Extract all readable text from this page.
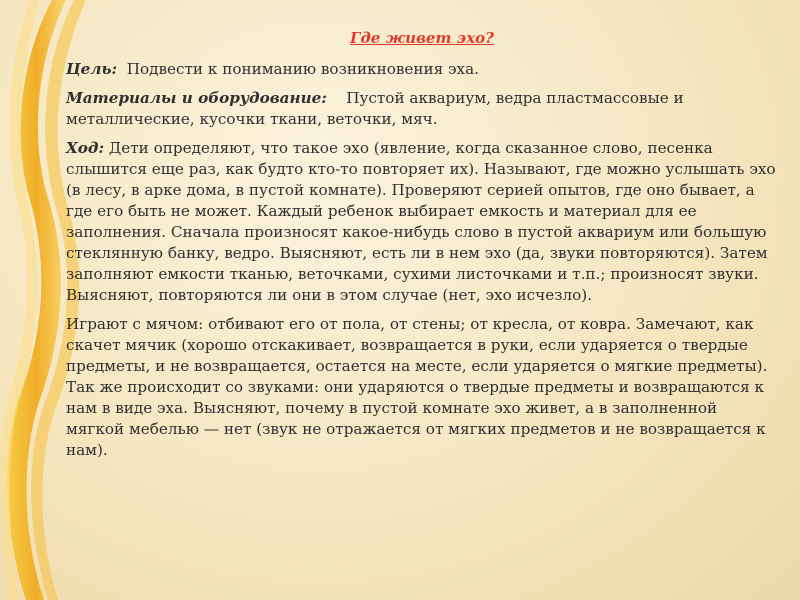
Где живет эхо?

Цель: Подвести к пониманию возникновения эха.

Материалы и оборудование: Пустой аквариум, ведра пластмассовые и металлические, кусочки ткани, веточки, мяч.

Ход: Дети определяют, что такое эхо (явление, когда сказанное слово, песенка слышится еще раз, как будто кто-то повторяет их). Называют, где можно услышать эхо (в лесу, в арке дома, в пустой комнате). Проверяют серией опытов, где оно бывает, а где его быть не может. Каждый ребенок выбирает емкость и материал для ее заполнения. Сначала произносят какое-нибудь слово в пустой аквариум или большую стеклянную банку, ведро. Выясняют, есть ли в нем эхо (да, звуки повторяются). Затем заполняют емкости тканью, веточками, сухими листочками и т.п.; произносят звуки. Выясняют, повторяются ли они в этом случае (нет, эхо исчезло).

Играют с мячом: отбивают его от пола, от стены; от кресла, от ковра. Замечают, как скачет мячик (хорошо отскакивает, возвращается в руки, если ударяется о твердые предметы, и не возвращается, остается на месте, если ударяется о мягкие предметы). Так же происходит со звуками: они ударяются о твердые предметы и возвращаются к нам в виде эха. Выясняют, почему в пустой комнате эхо живет, а в заполненной мягкой мебелью — нет (звук не отражается от мягких предметов и не возвращается к нам).
